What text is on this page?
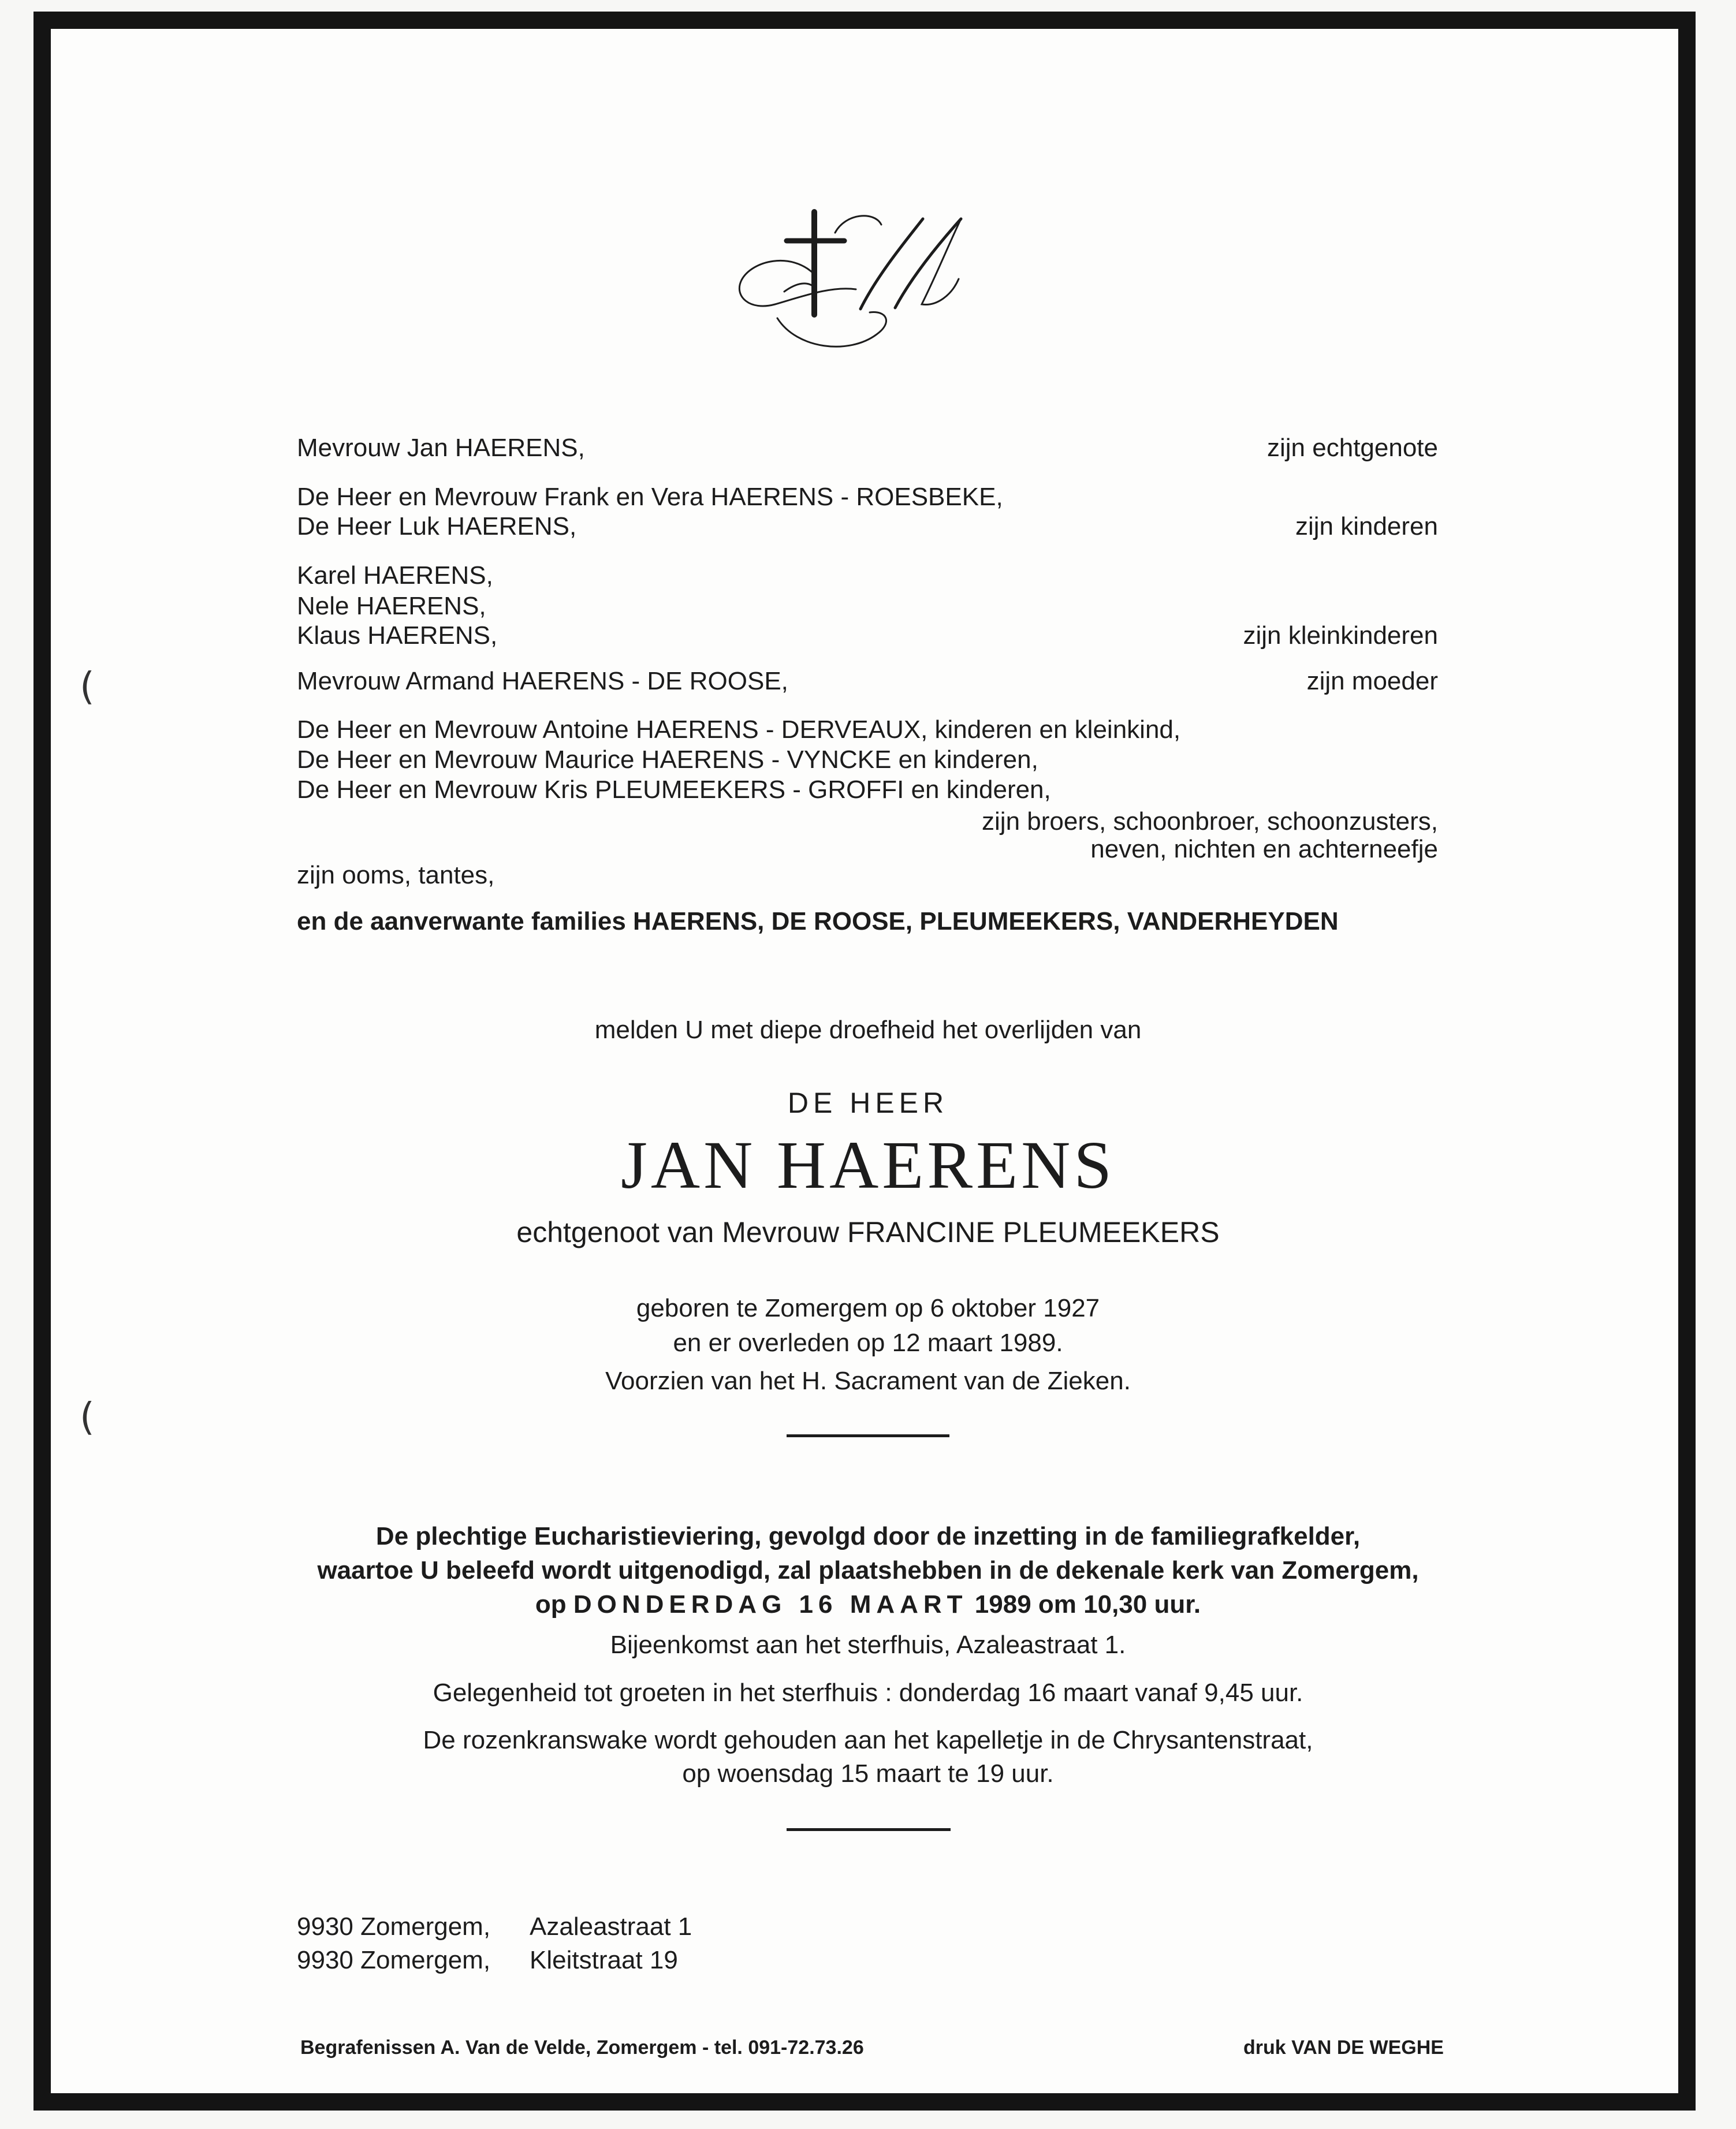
(
(
Mevrouw Jan HAERENS,	zijn echtgenote
De Heer en Mevrouw Frank en Vera HAERENS - ROESBEKE,
De Heer Luk HAERENS,	zijn kinderen
Karel HAERENS,
Nele HAERENS,
Klaus HAERENS,	zijn kleinkinderen
Mevrouw Armand HAERENS - DE ROOSE,	zijn moeder
De Heer en Mevrouw Antoine HAERENS - DERVEAUX, kinderen en kleinkind,
De Heer en Mevrouw Maurice HAERENS - VYNCKE en kinderen,
De Heer en Mevrouw Kris PLEUMEEKERS - GROFFI en kinderen,
zijn broers, schoonbroer, schoonzusters,
neven, nichten en achterneefje
zijn ooms, tantes,
en de aanverwante families HAERENS, DE ROOSE, PLEUMEEKERS, VANDERHEYDEN
melden U met diepe droefheid het overlijden van
DE HEER
JAN HAERENS
echtgenoot van Mevrouw FRANCINE PLEUMEEKERS
geboren te Zomergem op 6 oktober 1927
en er overleden op 12 maart 1989.
Voorzien van het H. Sacrament van de Zieken.
De plechtige Eucharistieviering, gevolgd door de inzetting in de familiegrafkelder,
waartoe U beleefd wordt uitgenodigd, zal plaatshebben in de dekenale kerk van Zomergem,
op DONDERDAG 16 MAART 1989 om 10,30 uur.
Bijeenkomst aan het sterfhuis, Azaleastraat 1.
Gelegenheid tot groeten in het sterfhuis : donderdag 16 maart vanaf 9,45 uur.
De rozenkranswake wordt gehouden aan het kapelletje in de Chrysantenstraat,
op woensdag 15 maart te 19 uur.
9930 Zomergem, Azaleastraat 1
9930 Zomergem, Kleitstraat 19
Begrafenissen A. Van de Velde, Zomergem - tel. 091-72.73.26	druk VAN DE WEGHE
